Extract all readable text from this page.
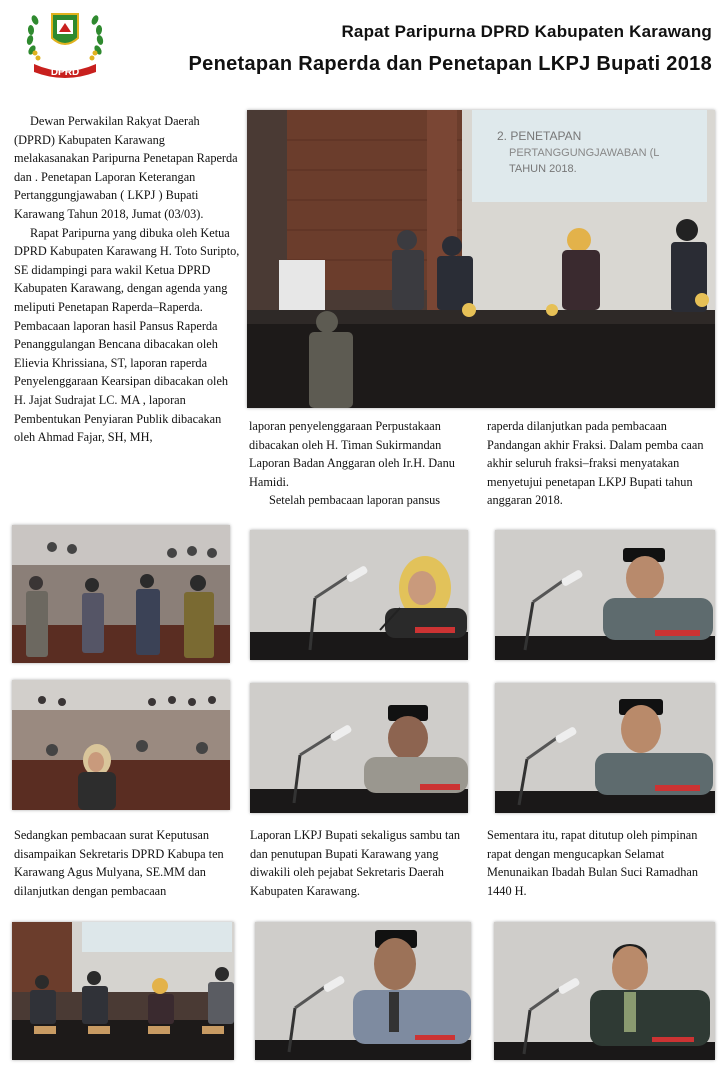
DPRD
Rapat Paripurna DPRD Kabupaten Karawang
Penetapan Raperda dan Penetapan LKPJ Bupati 2018

Dewan Perwakilan Rakyat Daerah (DPRD) Kabupaten Karawang melakasanakan Paripurna Penetapan Raperda dan . Penetapan Laporan Keterangan Pertanggungjawaban ( LKPJ ) Bupati Karawang Tahun 2018, Jumat (03/03).

Rapat Paripurna yang dibuka oleh Ketua DPRD Kabupaten Karawang H. Toto Suripto, SE didampingi para wakil Ketua DPRD Kabupaten Karawang, dengan agenda yang meliputi Penetapan Raperda–Raperda. Pembacaan laporan hasil Pansus Raperda Penanggulangan Bencana dibacakan oleh Elievia Khrissiana, ST, laporan raperda Penyelenggaraan Kearsipan dibacakan oleh H. Jajat Sudrajat LC. MA , laporan Pembentukan Penyiaran Publik dibacakan oleh Ahmad Fajar, SH, MH,

2. PENETAPAN
PERTANGGUNGJAWABAN (L
TAHUN 2018.

laporan penyelenggaraan Perpustakaan dibacakan oleh H. Timan Sukirmandan Laporan Badan Anggaran oleh Ir.H. Danu Hamidi.

Setelah pembacaan laporan pansus

raperda dilanjutkan pada pembacaan Pandangan akhir Fraksi. Dalam pemba caan akhir seluruh fraksi–fraksi menyatakan menyetujui penetapan LKPJ Bupati tahun anggaran 2018.

Sedangkan pembacaan surat Keputusan disampaikan Sekretaris DPRD Kabupa ten Karawang Agus Mulyana, SE.MM dan dilanjutkan dengan pembacaan

Laporan LKPJ Bupati sekaligus sambu tan dan penutupan Bupati Karawang yang diwakili oleh pejabat Sekretaris Daerah Kabupaten Karawang.

Sementara itu, rapat ditutup oleh pimpinan rapat dengan mengucapkan Selamat Menunaikan Ibadah Bulan Suci Ramadhan 1440 H.
